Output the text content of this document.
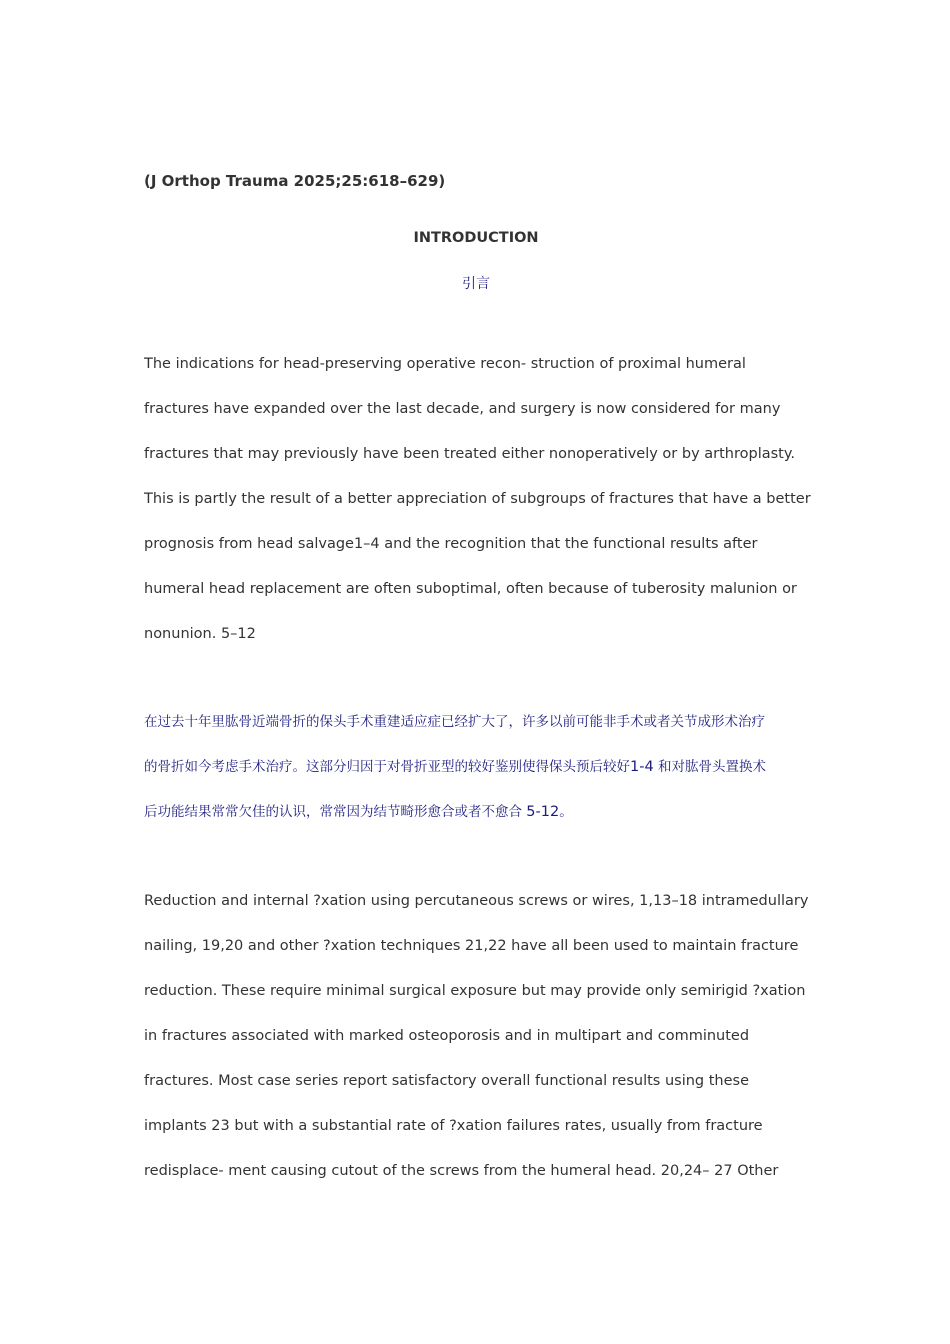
(J Orthop Trauma 2025;25:618–629)
INTRODUCTION
引言

The indications for head-preserving operative recon- struction of proximal humeral
fractures have expanded over the last decade, and surgery is now considered for many
fractures that may previously have been treated either nonoperatively or by arthroplasty.
This is partly the result of a better appreciation of subgroups of fractures that have a better
prognosis from head salvage1–4 and the recognition that the functional results after
humeral head replacement are often suboptimal, often because of tuberosity malunion or
nonunion. 5–12

在过去十年里肱骨近端骨折的保头手术重建适应症已经扩大了，许多以前可能非手术或者关节成形术治疗
的骨折如今考虑手术治疗。这部分归因于对骨折亚型的较好鉴别使得保头预后较好1-4 和对肱骨头置换术
后功能结果常常欠佳的认识，常常因为结节畸形愈合或者不愈合 5-12。

Reduction and internal ?xation using percutaneous screws or wires, 1,13–18 intramedullary
nailing, 19,20 and other ?xation techniques 21,22 have all been used to maintain fracture
reduction. These require minimal surgical exposure but may provide only semirigid ?xation
in fractures associated with marked osteoporosis and in multipart and comminuted
fractures. Most case series report satisfactory overall functional results using these
implants 23 but with a substantial rate of ?xation failures rates, usually from fracture
redisplace- ment causing cutout of the screws from the humeral head. 20,24– 27 Other
